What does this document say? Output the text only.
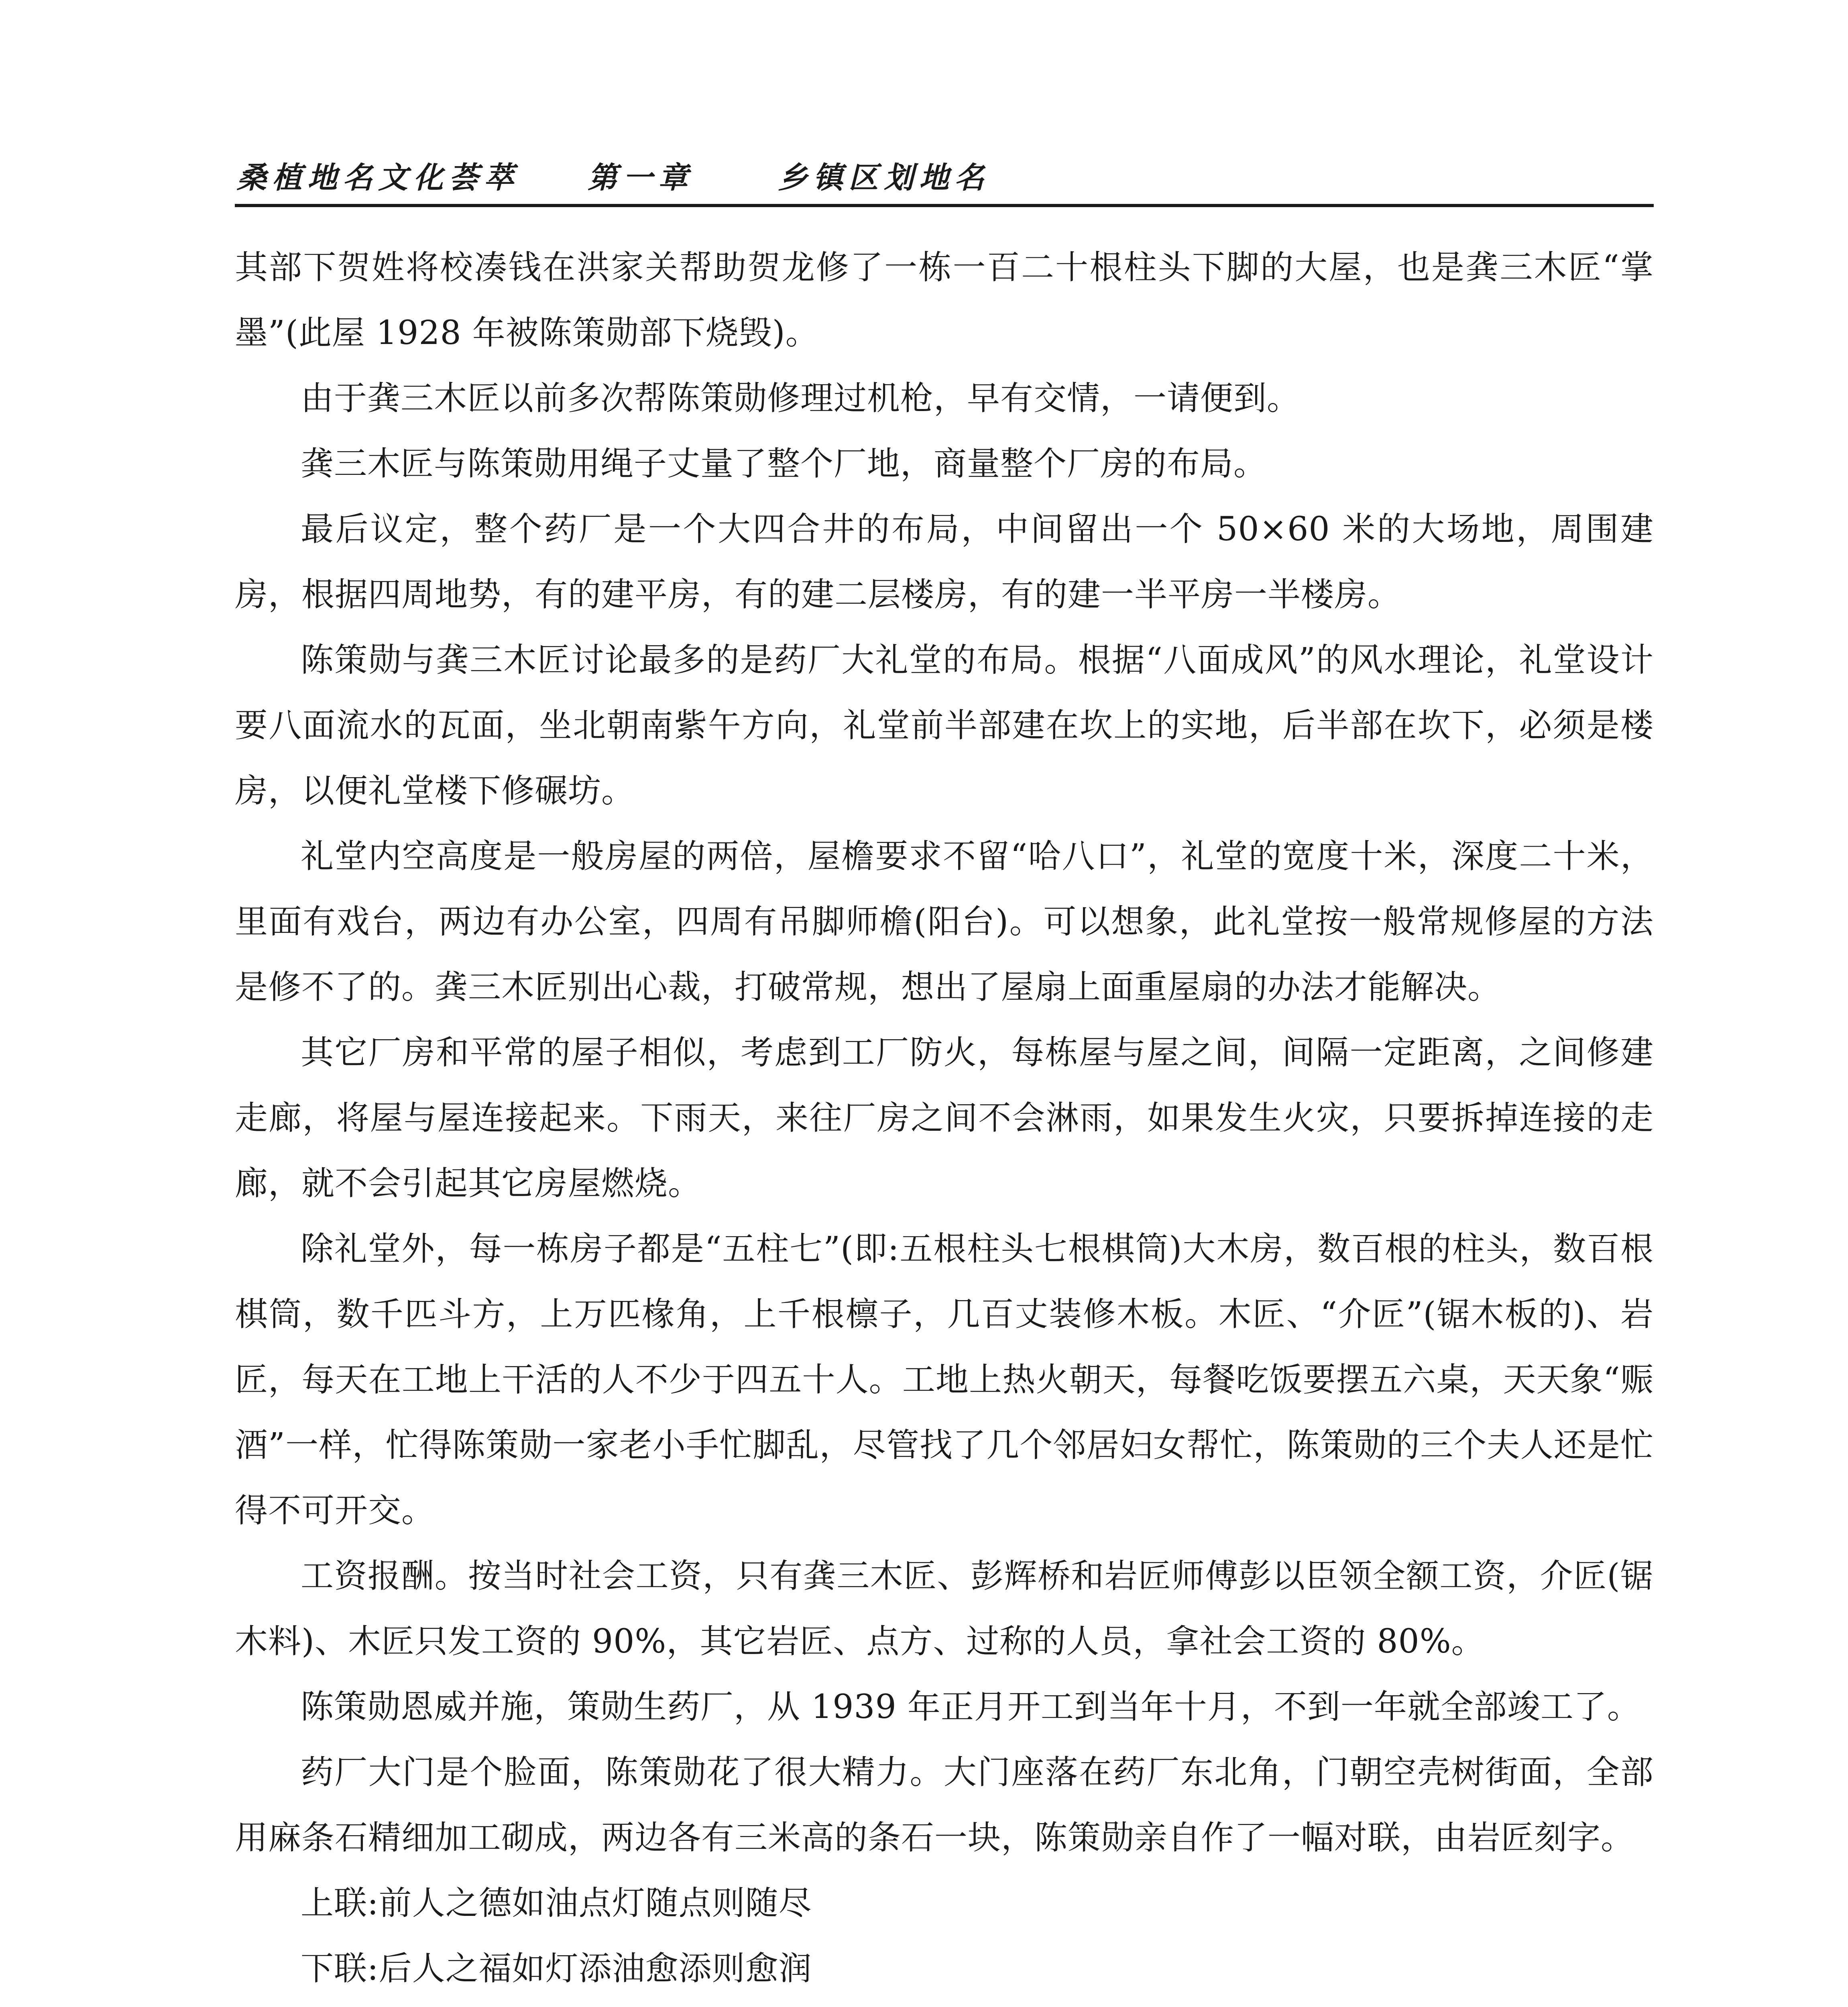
桑植地名文化荟萃 第一章	乡镇区划地名

其部下贺姓将校凑钱在洪家关帮助贺龙修了一栋一百二十根柱头下脚的大屋，也是龚三木匠“掌墨”(此屋 1928 年被陈策勋部下烧毁)。

由于龚三木匠以前多次帮陈策勋修理过机枪，早有交情，一请便到。

龚三木匠与陈策勋用绳子丈量了整个厂地，商量整个厂房的布局。

最后议定，整个药厂是一个大四合井的布局，中间留出一个 50×60 米的大场地，周围建房，根据四周地势，有的建平房，有的建二层楼房，有的建一半平房一半楼房。

陈策勋与龚三木匠讨论最多的是药厂大礼堂的布局。根据“八面成风”的风水理论，礼堂设计要八面流水的瓦面，坐北朝南紫午方向，礼堂前半部建在坎上的实地，后半部在坎下，必须是楼房，以便礼堂楼下修碾坊。

礼堂内空高度是一般房屋的两倍，屋檐要求不留“哈八口”，礼堂的宽度十米，深度二十米，里面有戏台，两边有办公室，四周有吊脚师檐(阳台)。可以想象，此礼堂按一般常规修屋的方法是修不了的。龚三木匠别出心裁，打破常规，想出了屋扇上面重屋扇的办法才能解决。

其它厂房和平常的屋子相似，考虑到工厂防火，每栋屋与屋之间，间隔一定距离，之间修建走廊，将屋与屋连接起来。下雨天，来往厂房之间不会淋雨，如果发生火灾，只要拆掉连接的走廊，就不会引起其它房屋燃烧。

除礼堂外，每一栋房子都是“五柱七”(即:五根柱头七根棋筒)大木房，数百根的柱头，数百根棋筒，数千匹斗方，上万匹椽角，上千根檩子，几百丈装修木板。木匠、“介匠”(锯木板的)、岩匠，每天在工地上干活的人不少于四五十人。工地上热火朝天，每餐吃饭要摆五六桌，天天象“赈酒”一样，忙得陈策勋一家老小手忙脚乱，尽管找了几个邻居妇女帮忙，陈策勋的三个夫人还是忙得不可开交。

工资报酬。按当时社会工资，只有龚三木匠、彭辉桥和岩匠师傅彭以臣领全额工资，介匠(锯木料)、木匠只发工资的 90%，其它岩匠、点方、过称的人员，拿社会工资的 80%。

陈策勋恩威并施，策勋生药厂，从 1939 年正月开工到当年十月，不到一年就全部竣工了。

药厂大门是个脸面，陈策勋花了很大精力。大门座落在药厂东北角，门朝空壳树街面，全部用麻条石精细加工砌成，两边各有三米高的条石一块，陈策勋亲自作了一幅对联，由岩匠刻字。

上联:前人之德如油点灯随点则随尽

下联:后人之福如灯添油愈添则愈润
